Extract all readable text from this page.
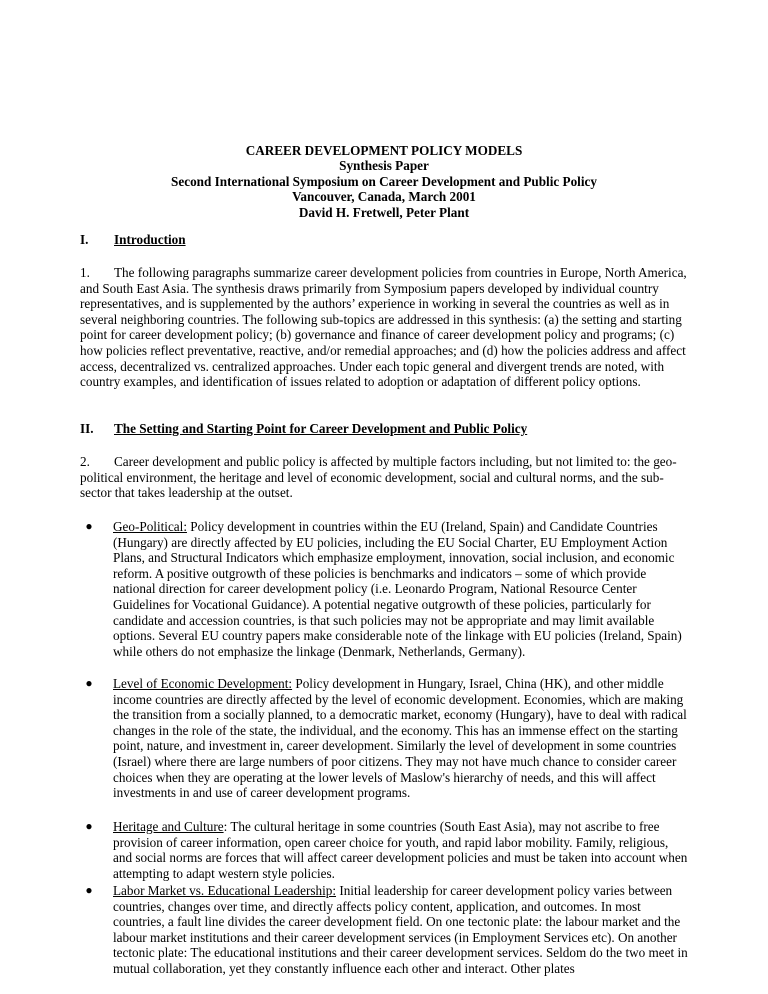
CAREER DEVELOPMENT POLICY MODELS
Synthesis Paper
Second International Symposium on Career Development and Public Policy
Vancouver, Canada, March 2001
David H. Fretwell, Peter Plant
I. Introduction
1. The following paragraphs summarize career development policies from countries in Europe, North America, and South East Asia. The synthesis draws primarily from Symposium papers developed by individual country representatives, and is supplemented by the authors’ experience in working in several the countries as well as in several neighboring countries. The following sub-topics are addressed in this synthesis: (a) the setting and starting point for career development policy; (b) governance and finance of career development policy and programs; (c) how policies reflect preventative, reactive, and/or remedial approaches; and (d) how the policies address and affect access, decentralized vs. centralized approaches. Under each topic general and divergent trends are noted, with country examples, and identification of issues related to adoption or adaptation of different policy options.
II. The Setting and Starting Point for Career Development and Public Policy
2. Career development and public policy is affected by multiple factors including, but not limited to: the geo-political environment, the heritage and level of economic development, social and cultural norms, and the sub-sector that takes leadership at the outset.
●	Geo-Political: Policy development in countries within the EU (Ireland, Spain) and Candidate Countries (Hungary) are directly affected by EU policies, including the EU Social Charter, EU Employment Action Plans, and Structural Indicators which emphasize employment, innovation, social inclusion, and economic reform. A positive outgrowth of these policies is benchmarks and indicators – some of which provide national direction for career development policy (i.e. Leonardo Program, National Resource Center Guidelines for Vocational Guidance). A potential negative outgrowth of these policies, particularly for candidate and accession countries, is that such policies may not be appropriate and may limit available options. Several EU country papers make considerable note of the linkage with EU policies (Ireland, Spain) while others do not emphasize the linkage (Denmark, Netherlands, Germany).
●	Level of Economic Development: Policy development in Hungary, Israel, China (HK), and other middle income countries are directly affected by the level of economic development. Economies, which are making the transition from a socially planned, to a democratic market, economy (Hungary), have to deal with radical changes in the role of the state, the individual, and the economy. This has an immense effect on the starting point, nature, and investment in, career development. Similarly the level of development in some countries (Israel) where there are large numbers of poor citizens. They may not have much chance to consider career choices when they are operating at the lower levels of Maslow's hierarchy of needs, and this will affect investments in and use of career development programs.
●	Heritage and Culture: The cultural heritage in some countries (South East Asia), may not ascribe to free provision of career information, open career choice for youth, and rapid labor mobility. Family, religious, and social norms are forces that will affect career development policies and must be taken into account when attempting to adapt western style policies.
●	Labor Market vs. Educational Leadership: Initial leadership for career development policy varies between countries, changes over time, and directly affects policy content, application, and outcomes. In most countries, a fault line divides the career development field. On one tectonic plate: the labour market and the labour market institutions and their career development services (in Employment Services etc). On another tectonic plate: The educational institutions and their career development services. Seldom do the two meet in mutual collaboration, yet they constantly influence each other and interact. Other plates
